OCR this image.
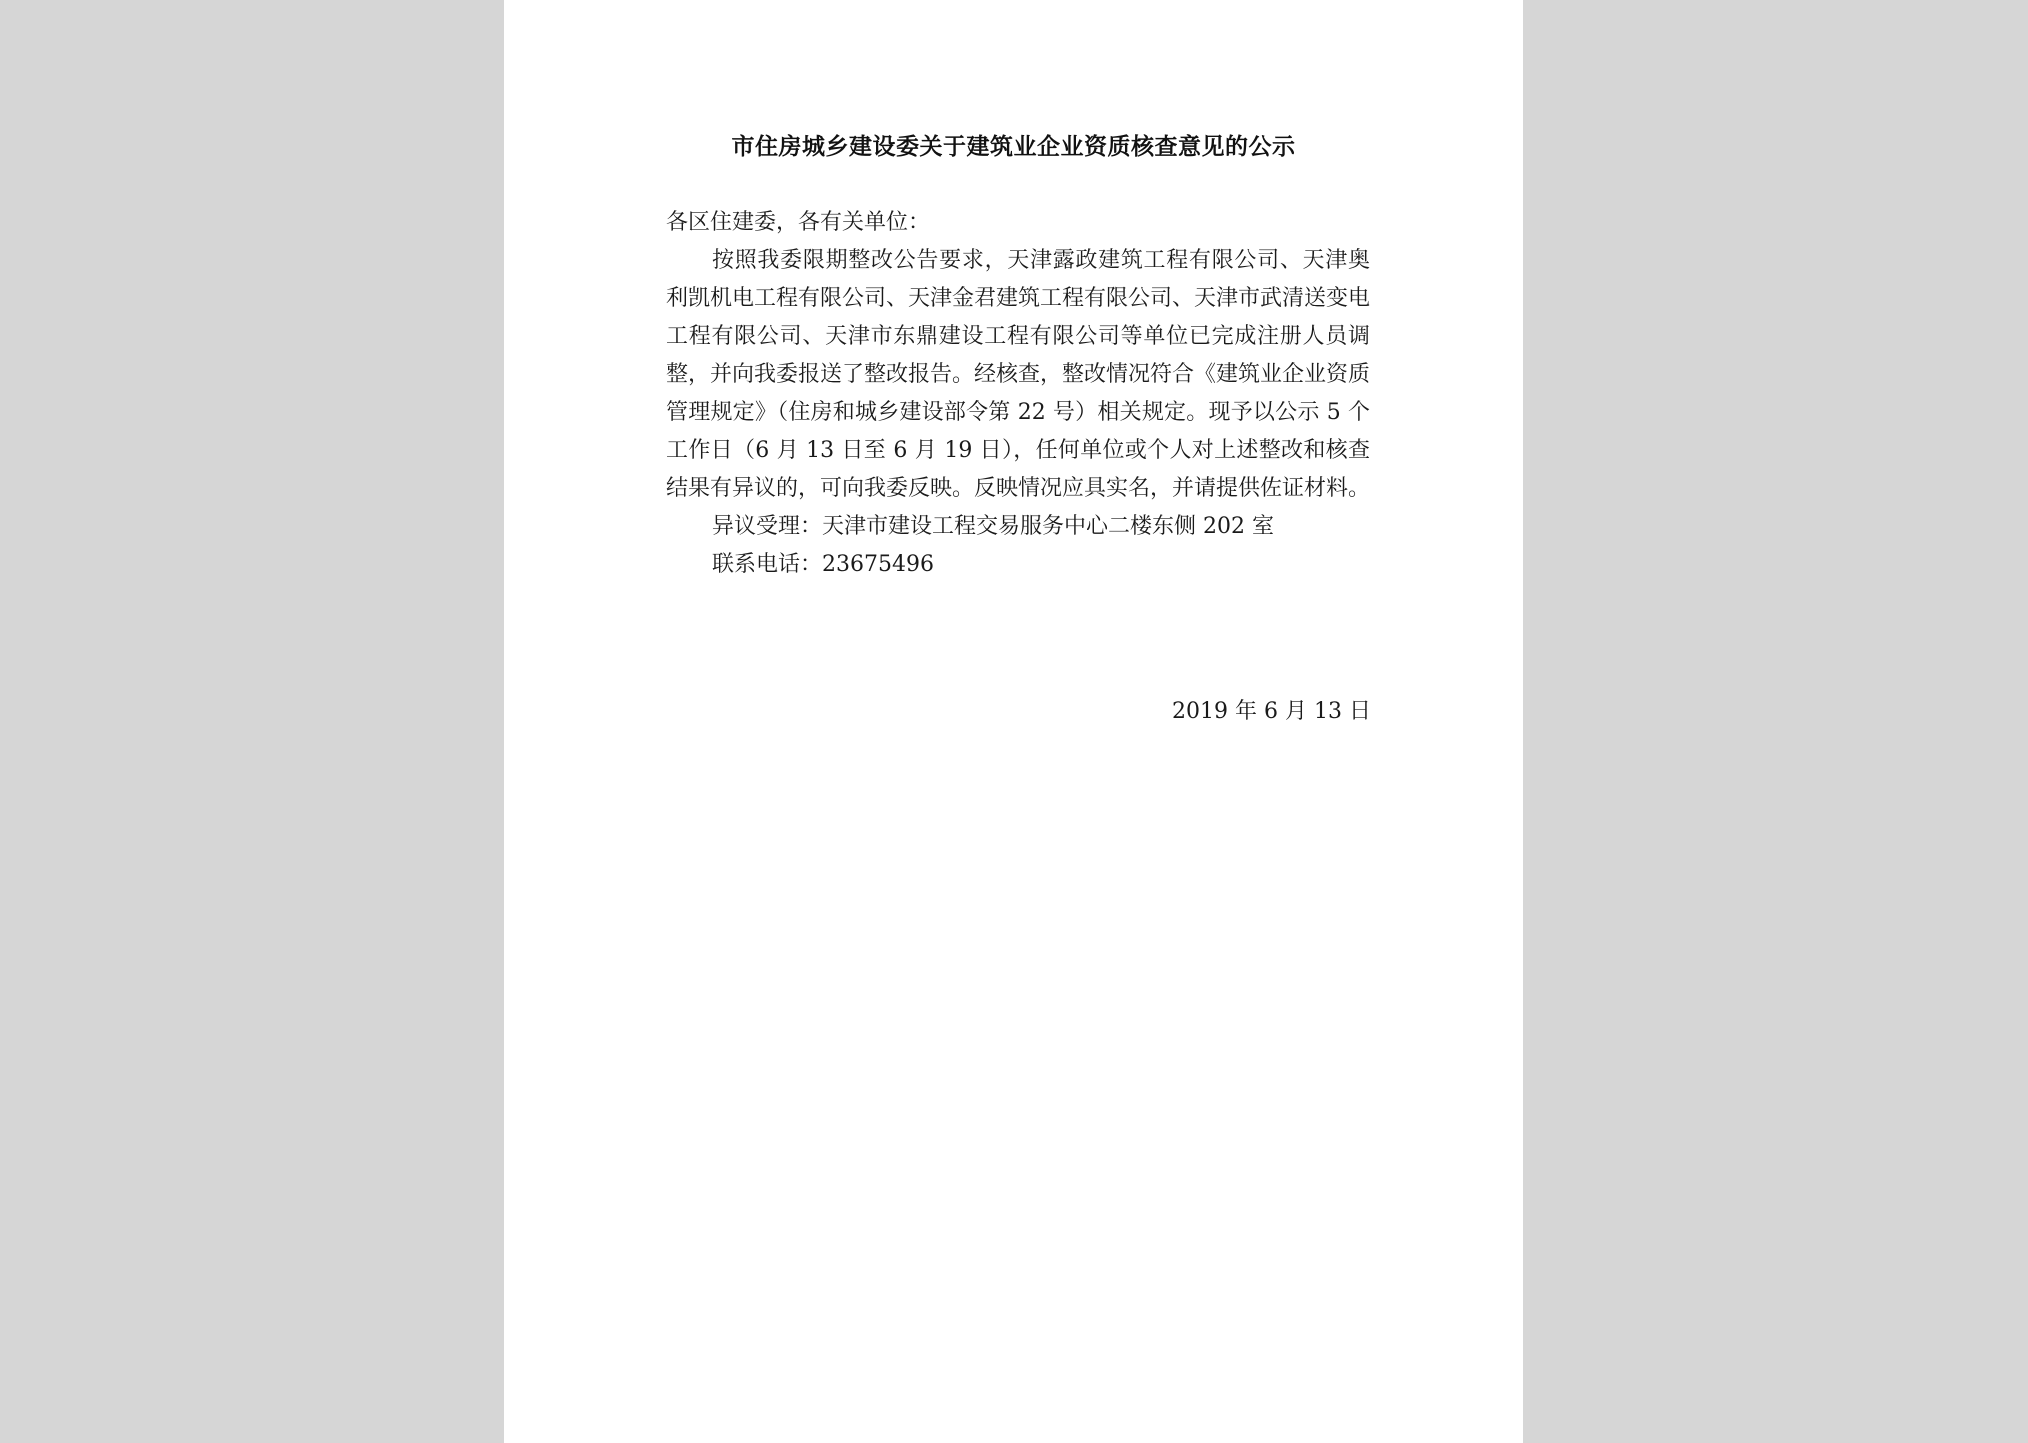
市住房城乡建设委关于建筑业企业资质核查意见的公示

各区住建委，各有关单位：

按照我委限期整改公告要求，天津露政建筑工程有限公司、天津奥利凯机电工程有限公司、天津金君建筑工程有限公司、天津市武清送变电工程有限公司、天津市东鼎建设工程有限公司等单位已完成注册人员调整，并向我委报送了整改报告。经核查，整改情况符合《建筑业企业资质管理规定》（住房和城乡建设部令第 22 号）相关规定。现予以公示 5 个工作日（6 月 13 日至 6 月 19 日），任何单位或个人对上述整改和核查结果有异议的，可向我委反映。反映情况应具实名，并请提供佐证材料。

异议受理：天津市建设工程交易服务中心二楼东侧 202 室

联系电话：23675496

2019 年 6 月 13 日
